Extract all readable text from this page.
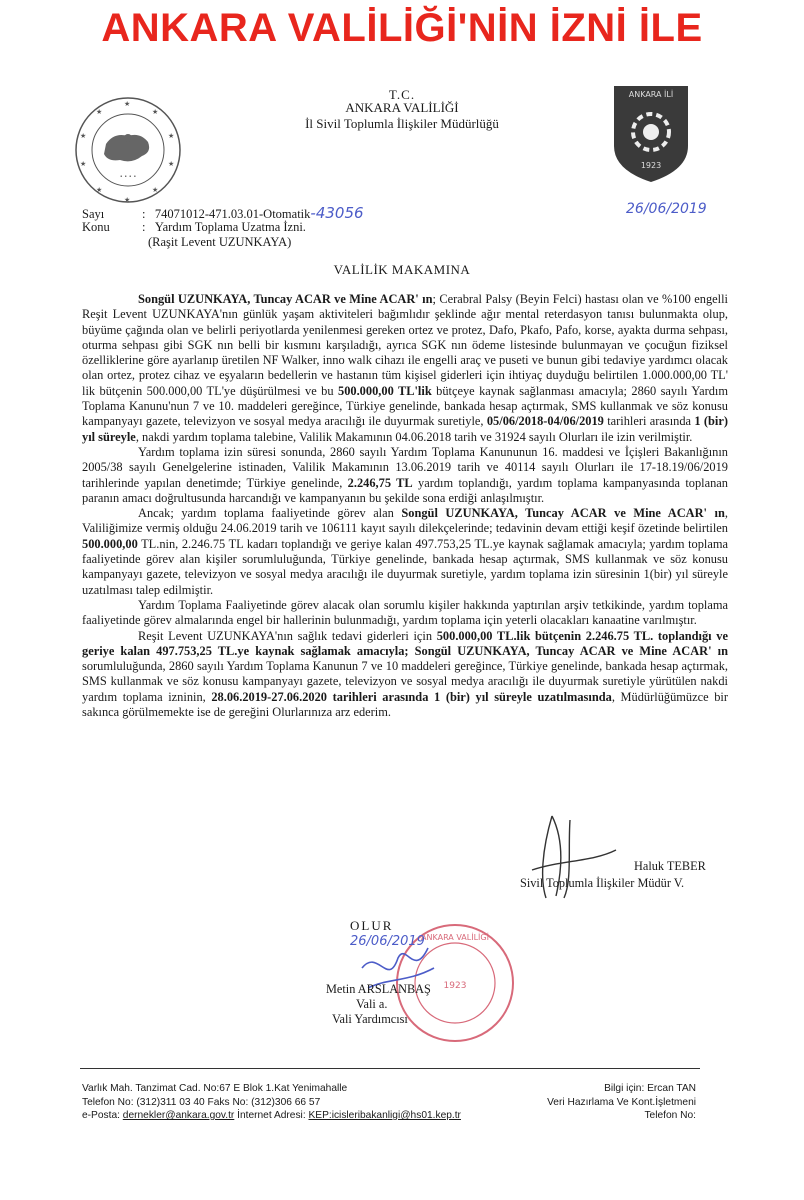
ANKARA VALİLİĞİ'NİN İZNİ İLE
★	★
★	★
★	★
★	★
★
★
• • • •
T.C.
ANKARA VALİLİĞİ
İl Sivil Toplumla İlişkiler Müdürlüğü
ANKARA İLİ
1923
Sayı	:   74071012-471.03.01-Otomatik-43056	26/06/2019
Konu	:   Yardım Toplama Uzatma İzni.
(Raşit Levent UZUNKAYA)
VALİLİK MAKAMINA

Songül UZUNKAYA, Tuncay ACAR ve Mine ACAR' ın; Cerabral Palsy (Beyin Felci) hastası olan ve %100 engelli Reşit Levent UZUNKAYA'nın günlük yaşam aktiviteleri bağımlıdır şeklinde ağır mental reterdasyon tanısı bulunmakta olup, büyüme çağında olan ve belirli periyotlarda yenilenmesi gereken ortez ve protez, Dafo, Pkafo, Pafo, korse, ayakta durma sehpası, oturma sehpası gibi SGK nın belli bir kısmını karşıladığı, ayrıca SGK nın ödeme listesinde bulunmayan ve çocuğun fiziksel özelliklerine göre ayarlanıp üretilen NF Walker, inno walk cihazı ile engelli araç ve puseti ve bunun gibi tedaviye yardımcı olacak olan ortez, protez cihaz ve eşyaların bedellerin ve hastanın tüm kişisel giderleri için ihtiyaç duyduğu belirtilen 1.000.000,00 TL' lik bütçenin 500.000,00 TL'ye düşürülmesi ve bu 500.000,00 TL'lik bütçeye kaynak sağlanması amacıyla; 2860 sayılı Yardım Toplama Kanunu'nun 7 ve 10. maddeleri gereğince, Türkiye genelinde, bankada hesap açtırmak, SMS kullanmak ve söz konusu kampanyayı gazete, televizyon ve sosyal medya aracılığı ile duyurmak suretiyle, 05/06/2018-04/06/2019 tarihleri arasında 1 (bir) yıl süreyle, nakdi yardım toplama talebine, Valilik Makamının 04.06.2018 tarih ve 31924 sayılı Olurları ile izin verilmiştir.

Yardım toplama izin süresi sonunda, 2860 sayılı Yardım Toplama Kanununun 16. maddesi ve İçişleri Bakanlığının 2005/38 sayılı Genelgelerine istinaden, Valilik Makamının 13.06.2019 tarih ve 40114 sayılı Olurları ile 17-18.19/06/2019 tarihlerinde yapılan denetimde; Türkiye genelinde, 2.246,75 TL yardım toplandığı, yardım toplama kampanyasında toplanan paranın amacı doğrultusunda harcandığı ve kampanyanın bu şekilde sona erdiği anlaşılmıştır.

Ancak; yardım toplama faaliyetinde görev alan Songül UZUNKAYA, Tuncay ACAR ve Mine ACAR' ın, Valiliğimize vermiş olduğu 24.06.2019 tarih ve 106111 kayıt sayılı dilekçelerinde; tedavinin devam ettiği keşif özetinde belirtilen 500.000,00 TL.nin, 2.246.75 TL kadarı toplandığı ve geriye kalan 497.753,25 TL.ye kaynak sağlamak amacıyla; yardım toplama faaliyetinde görev alan kişiler sorumluluğunda, Türkiye genelinde, bankada hesap açtırmak, SMS kullanmak ve söz konusu kampanyayı gazete, televizyon ve sosyal medya aracılığı ile duyurmak suretiyle, yardım toplama izin süresinin 1(bir) yıl süreyle uzatılması talep edilmiştir.

Yardım Toplama Faaliyetinde görev alacak olan sorumlu kişiler hakkında yaptırılan arşiv tetkikinde, yardım toplama faaliyetinde görev almalarında engel bir hallerinin bulunmadığı, yardım toplama için yeterli olacakları kanaatine varılmıştır.

Reşit Levent UZUNKAYA'nın sağlık tedavi giderleri için 500.000,00 TL.lik bütçenin 2.246.75 TL. toplandığı ve geriye kalan 497.753,25 TL.ye kaynak sağlamak amacıyla; Songül UZUNKAYA, Tuncay ACAR ve Mine ACAR' ın sorumluluğunda, 2860 sayılı Yardım Toplama Kanunun 7 ve 10 maddeleri gereğince, Türkiye genelinde, bankada hesap açtırmak, SMS kullanmak ve söz konusu kampanyayı gazete, televizyon ve sosyal medya aracılığı ile duyurmak suretiyle yürütülen nakdi yardım toplama izninin, 28.06.2019-27.06.2020 tarihleri arasında 1 (bir) yıl süreyle uzatılmasında, Müdürlüğümüzce bir sakınca görülmemekte ise de gereğini Olurlarınıza arz ederim.

Haluk TEBER
Sivil Toplumla İlişkiler Müdür V.
ANKARA VALİLİĞİ
1923
OLUR
26/06/2019
Metin ARSLANBAŞ
Vali a.
Vali Yardımcısı
Varlık Mah. Tanzimat Cad. No:67 E Blok 1.Kat Yenimahalle
Telefon No: (312)311 03 40 Faks No: (312)306 66 57
e-Posta: dernekler@ankara.gov.tr İnternet Adresi: KEP:icisleribakanligi@hs01.kep.tr
Bilgi için: Ercan TAN
Veri Hazırlama Ve Kont.İşletmeni
Telefon No:
